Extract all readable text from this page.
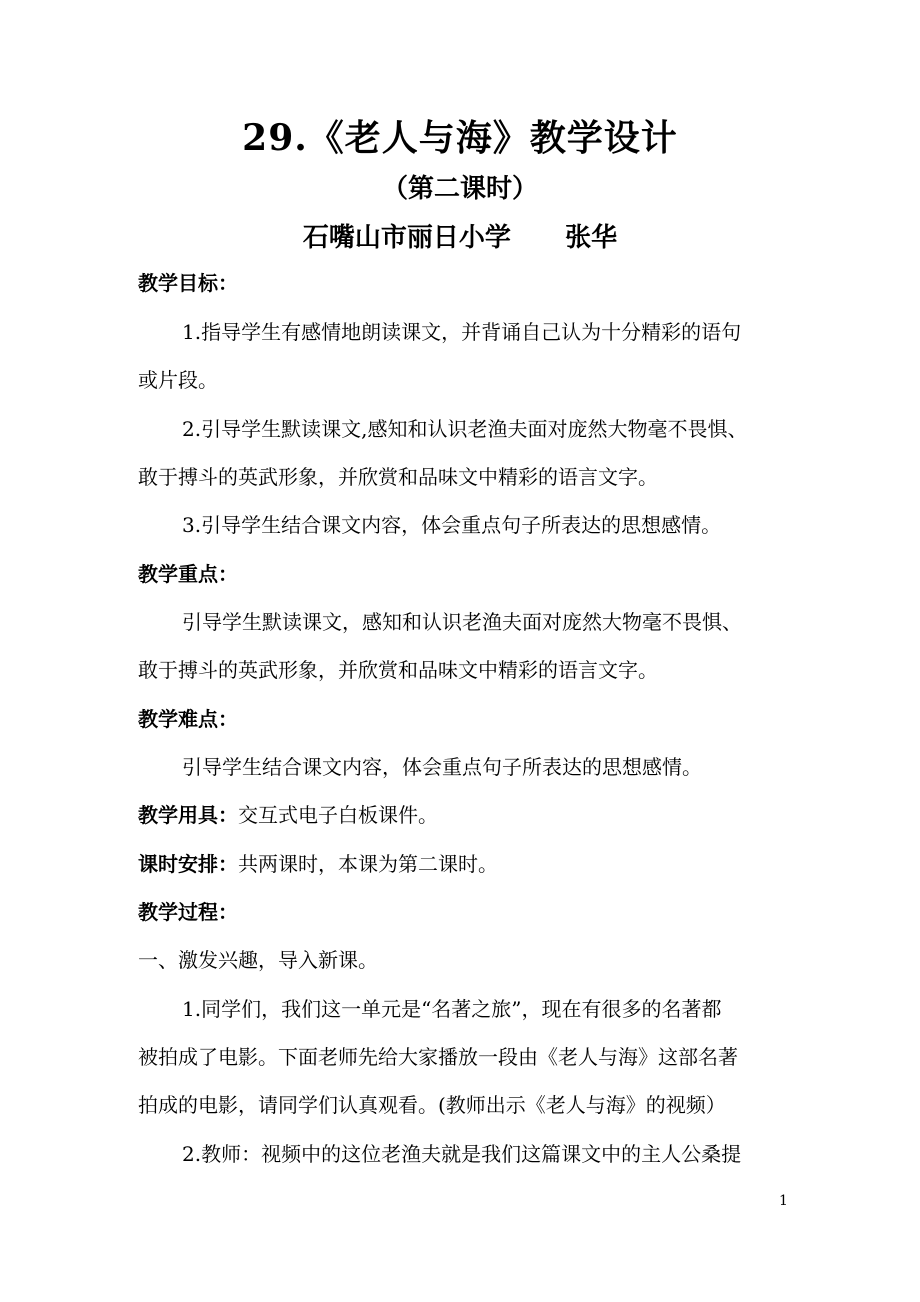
29.《老人与海》教学设计
（第二课时）
石嘴山市丽日小学      张华
教学目标：
1.指导学生有感情地朗读课文，并背诵自己认为十分精彩的语句
或片段。
2.引导学生默读课文,感知和认识老渔夫面对庞然大物毫不畏惧、
敢于搏斗的英武形象，并欣赏和品味文中精彩的语言文字。
3.引导学生结合课文内容，体会重点句子所表达的思想感情。
教学重点：
引导学生默读课文，感知和认识老渔夫面对庞然大物毫不畏惧、
敢于搏斗的英武形象，并欣赏和品味文中精彩的语言文字。
教学难点：
引导学生结合课文内容，体会重点句子所表达的思想感情。
教学用具：交互式电子白板课件。
课时安排：共两课时，本课为第二课时。
教学过程：
一、激发兴趣，导入新课。
1.同学们，我们这一单元是“名著之旅”，现在有很多的名著都
被拍成了电影。下面老师先给大家播放一段由《老人与海》这部名著
拍成的电影，请同学们认真观看。(教师出示《老人与海》的视频）
2.教师：视频中的这位老渔夫就是我们这篇课文中的主人公桑提
1
